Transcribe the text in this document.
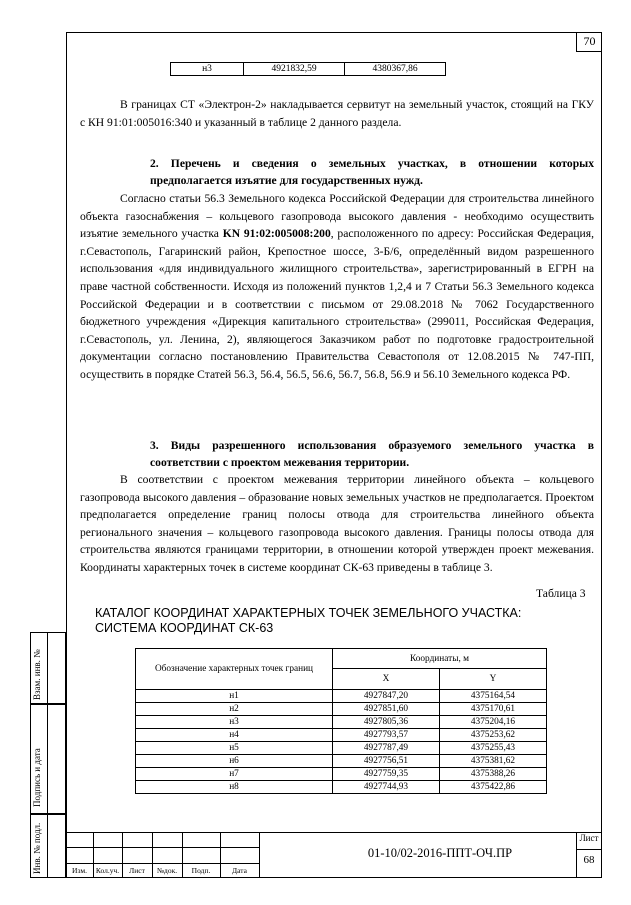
70
н3	4921832,59	4380367,86

В границах СТ «Электрон-2» накладывается сервитут на земельный участок, стоящий на ГКУ с КН 91:01:005016:340 и указанный в таблице 2 данного раздела.

2. Перечень и сведения о земельных участках, в отношении которых предполагается изъятие для государственных нужд.

Согласно статьи 56.3 Земельного кодекса Российской Федерации для строительства линейного объекта газоснабжения – кольцевого газопровода высокого давления - необходимо осуществить изъятие земельного участка KN 91:02:005008:200, расположенного по адресу: Российская Федерация, г.Севастополь, Гагаринский район, Крепостное шоссе, 3-Б/6, определённый видом разрешенного использования «для индивидуального жилищного строительства», зарегистрированный в ЕГРН на праве частной собственности. Исходя из положений пунктов 1,2,4 и 7 Статьи 56.3 Земельного кодекса Российской Федерации и в соответствии с письмом от 29.08.2018 № 7062 Государственного бюджетного учреждения «Дирекция капитального строительства» (299011, Российская Федерация, г.Севастополь, ул. Ленина, 2), являющегося Заказчиком работ по подготовке градостроительной документации согласно постановлению Правительства Севастополя от 12.08.2015 № 747-ПП, осуществить в порядке Статей 56.3, 56.4, 56.5, 56.6, 56.7, 56.8, 56.9 и 56.10 Земельного кодекса РФ.

3. Виды разрешенного использования образуемого земельного участка в соответствии с проектом межевания территории.

В соответствии с проектом межевания территории линейного объекта – кольцевого газопровода высокого давления – образование новых земельных участков не предполагается. Проектом предполагается определение границ полосы отвода для строительства линейного объекта регионального значения – кольцевого газопровода высокого давления. Границы полосы отвода для строительства являются границами территории, в отношении которой утвержден проект межевания. Координаты характерных точек в системе координат СК-63 приведены в таблице 3.

Таблица 3
КАТАЛОГ КООРДИНАТ ХАРАКТЕРНЫХ ТОЧЕК ЗЕМЕЛЬНОГО УЧАСТКА:
СИСТЕМА КООРДИНАТ СК-63
Обозначение характерных точек границ	Координаты, м	
	X	Y
н1	4927847,20	4375164,54
н2	4927851,60	4375170,61
н3	4927805,36	4375204,16
н4	4927793,57	4375253,62
н5	4927787,49	4375255,43
н6	4927756,51	4375381,62
н7	4927759,35	4375388,26
н8	4927744,93	4375422,86
Взам. инв. №
Подпись и дата
Инв. № подл.	Изм.	Кол.уч.	Лист	№док.	Подп.	Дата
01-10/02-2016-ППТ-ОЧ.ПР
Лист
68
